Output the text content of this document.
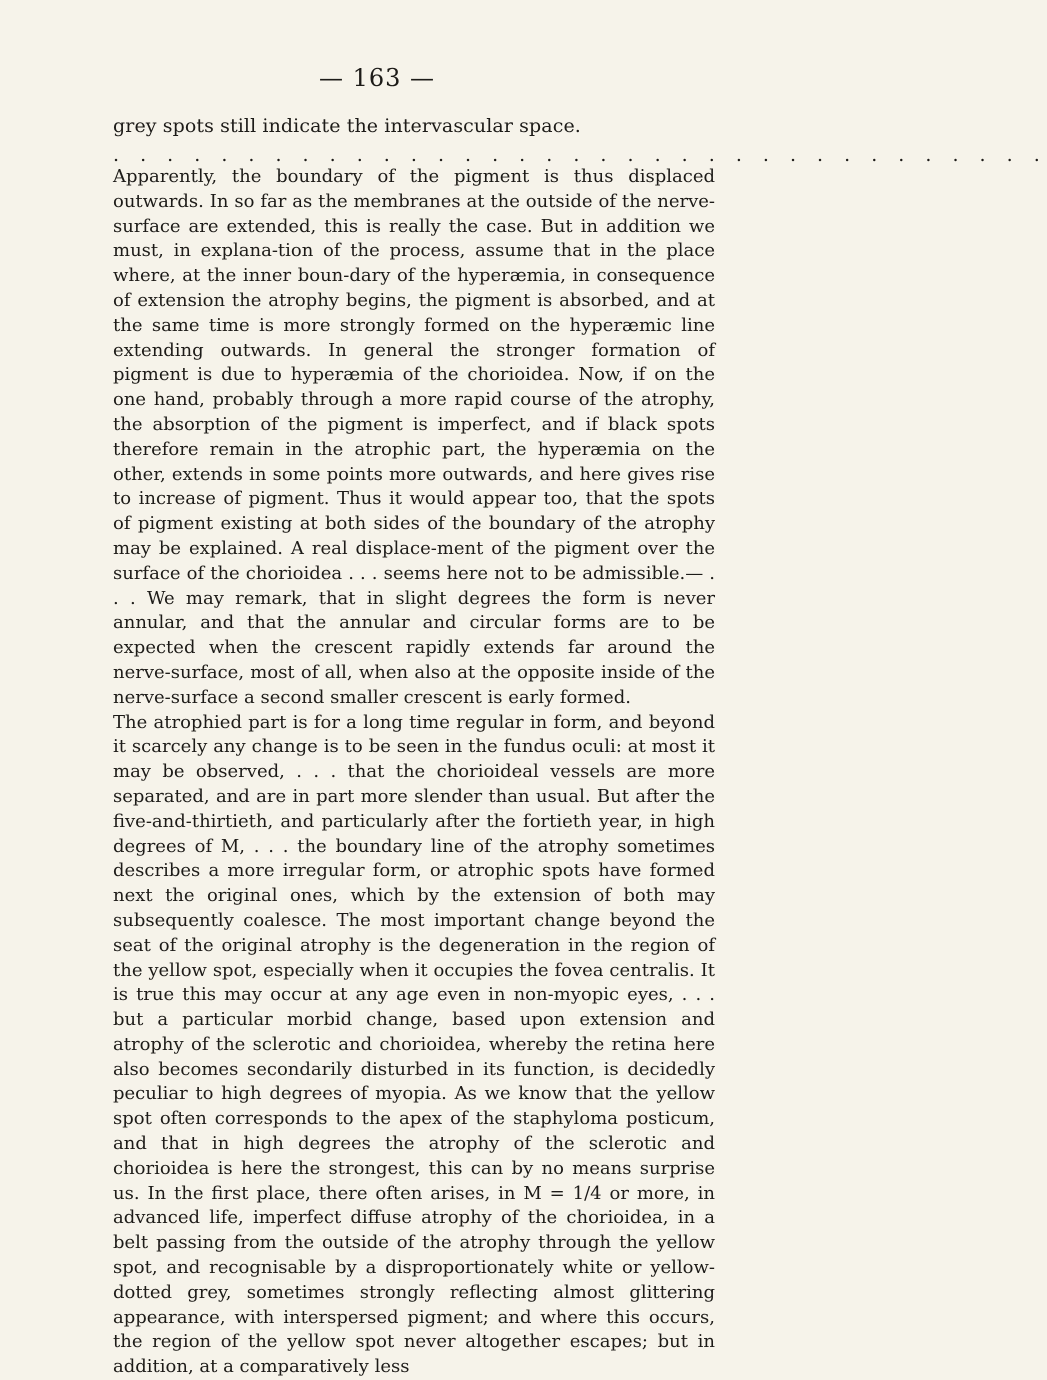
— 163 —
grey spots still indicate the intervascular space.
. . . . . . . . . . . . . . . . . . . . . . . . . . . . . . . . . . .

Apparently, the boundary of the pigment is thus displaced outwards. In so far as the membranes at the outside of the nerve-surface are extended, this is really the case. But in addition we must, in explana-tion of the process, assume that in the place where, at the inner boun-dary of the hyperæmia, in consequence of extension the atrophy begins, the pigment is absorbed, and at the same time is more strongly formed on the hyperæmic line extending outwards. In general the stronger formation of pigment is due to hyperæmia of the chorioidea. Now, if on the one hand, probably through a more rapid course of the atrophy, the absorption of the pigment is imperfect, and if black spots therefore remain in the atrophic part, the hyperæmia on the other, extends in some points more outwards, and here gives rise to increase of pigment. Thus it would appear too, that the spots of pigment existing at both sides of the boundary of the atrophy may be explained. A real displace-ment of the pigment over the surface of the chorioidea . . . seems here not to be admissible.— . . . We may remark, that in slight degrees the form is never annular, and that the annular and circular forms are to be expected when the crescent rapidly extends far around the nerve-surface, most of all, when also at the opposite inside of the nerve-surface a second smaller crescent is early formed.

The atrophied part is for a long time regular in form, and beyond it scarcely any change is to be seen in the fundus oculi: at most it may be observed, . . . that the chorioideal vessels are more separated, and are in part more slender than usual. But after the five-and-thirtieth, and particularly after the fortieth year, in high degrees of M, . . . the boundary line of the atrophy sometimes describes a more irregular form, or atrophic spots have formed next the original ones, which by the extension of both may subsequently coalesce. The most important change beyond the seat of the original atrophy is the degeneration in the region of the yellow spot, especially when it occupies the fovea centralis. It is true this may occur at any age even in non-myopic eyes, . . . but a particular morbid change, based upon extension and atrophy of the sclerotic and chorioidea, whereby the retina here also becomes secondarily disturbed in its function, is decidedly peculiar to high degrees of myopia. As we know that the yellow spot often corresponds to the apex of the staphyloma posticum, and that in high degrees the atrophy of the sclerotic and chorioidea is here the strongest, this can by no means surprise us. In the first place, there often arises, in M = 1/4 or more, in advanced life, imperfect diffuse atrophy of the chorioidea, in a belt passing from the outside of the atrophy through the yellow spot, and recognisable by a disproportionately white or yellow-dotted grey, sometimes strongly reflecting almost glittering appearance, with interspersed pigment; and where this occurs, the region of the yellow spot never altogether escapes; but in addition, at a comparatively less
